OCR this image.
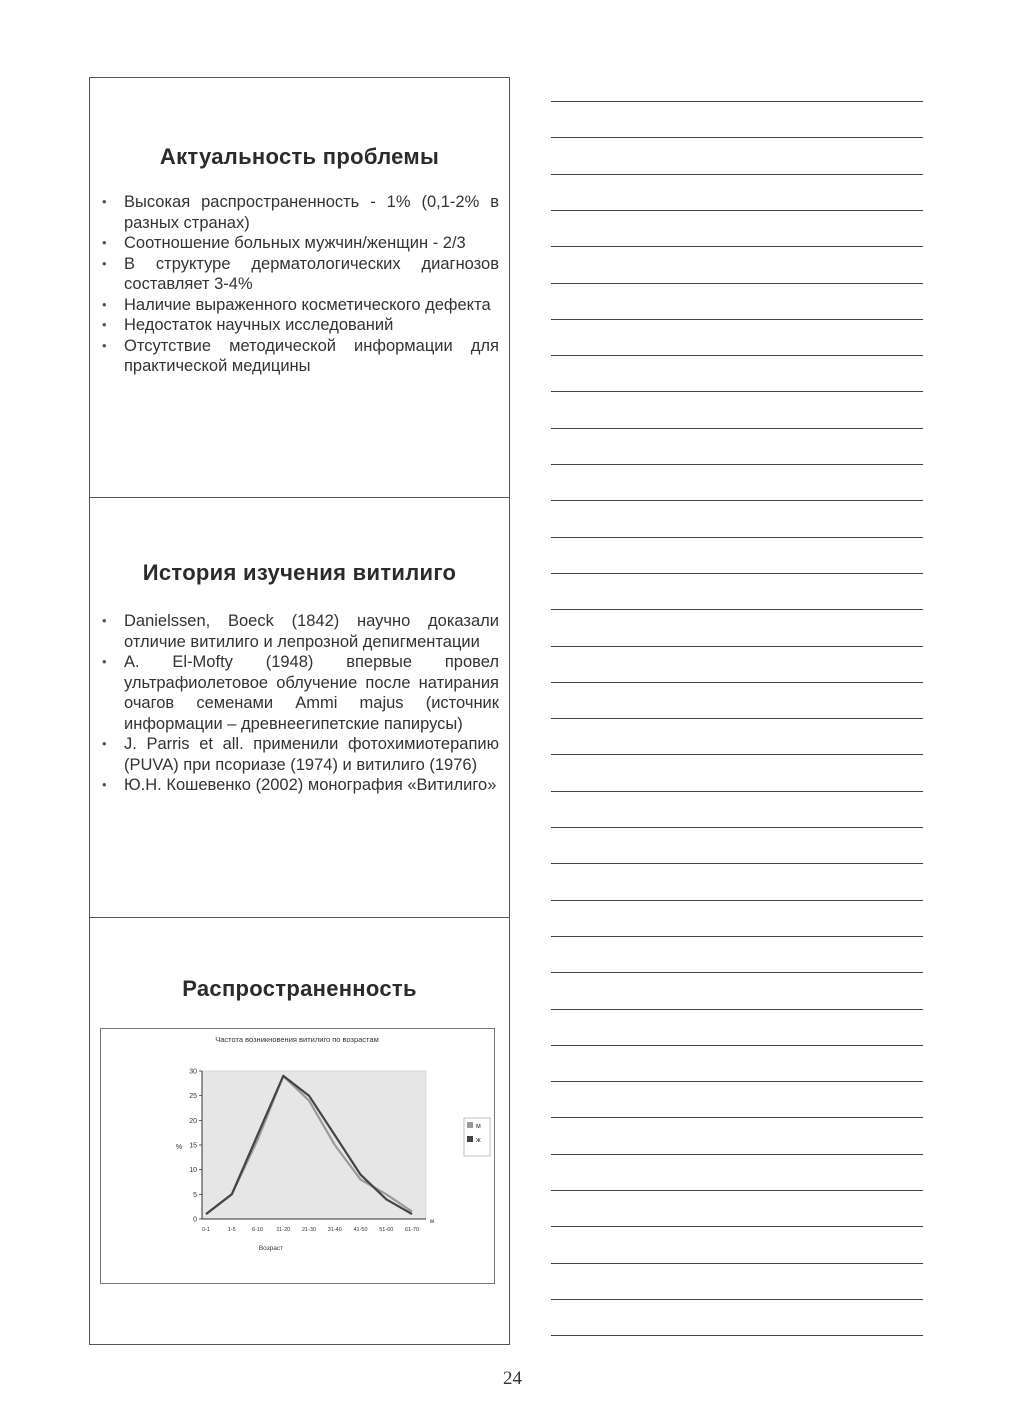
Актуальность проблемы
•	Высокая распространенность - 1% (0,1-2% в разных странах)
•	Соотношение больных мужчин/женщин - 2/3
•	В структуре дерматологических диагнозов составляет 3-4%
•	Наличие выраженного косметического дефекта
•	Недостаток научных исследований
•	Отсутствие методической информации для практической медицины
История изучения витилиго
•	Danielssen, Boeck (1842) научно доказали отличие витилиго и лепрозной депигментации
•	A. El-Mofty (1948) впервые провел ультрафиолетовое облучение после натирания очагов семенами Ammi majus (источник информации – древнеегипетские папирусы)
•	J. Parris et all. применили фотохимиотерапию (PUVA) при псориазе (1974) и витилиго (1976)
•	Ю.Н. Кошевенко (2002) монография «Витилиго»
Распространенность
Частота возникновения витилиго по возрастам
0
5
10
15
20
25
30
%
0-1	1-5	6-10 11-20 21-30 31-40 41-50 51-60 61-70
м
Возраст
м
ж
24
